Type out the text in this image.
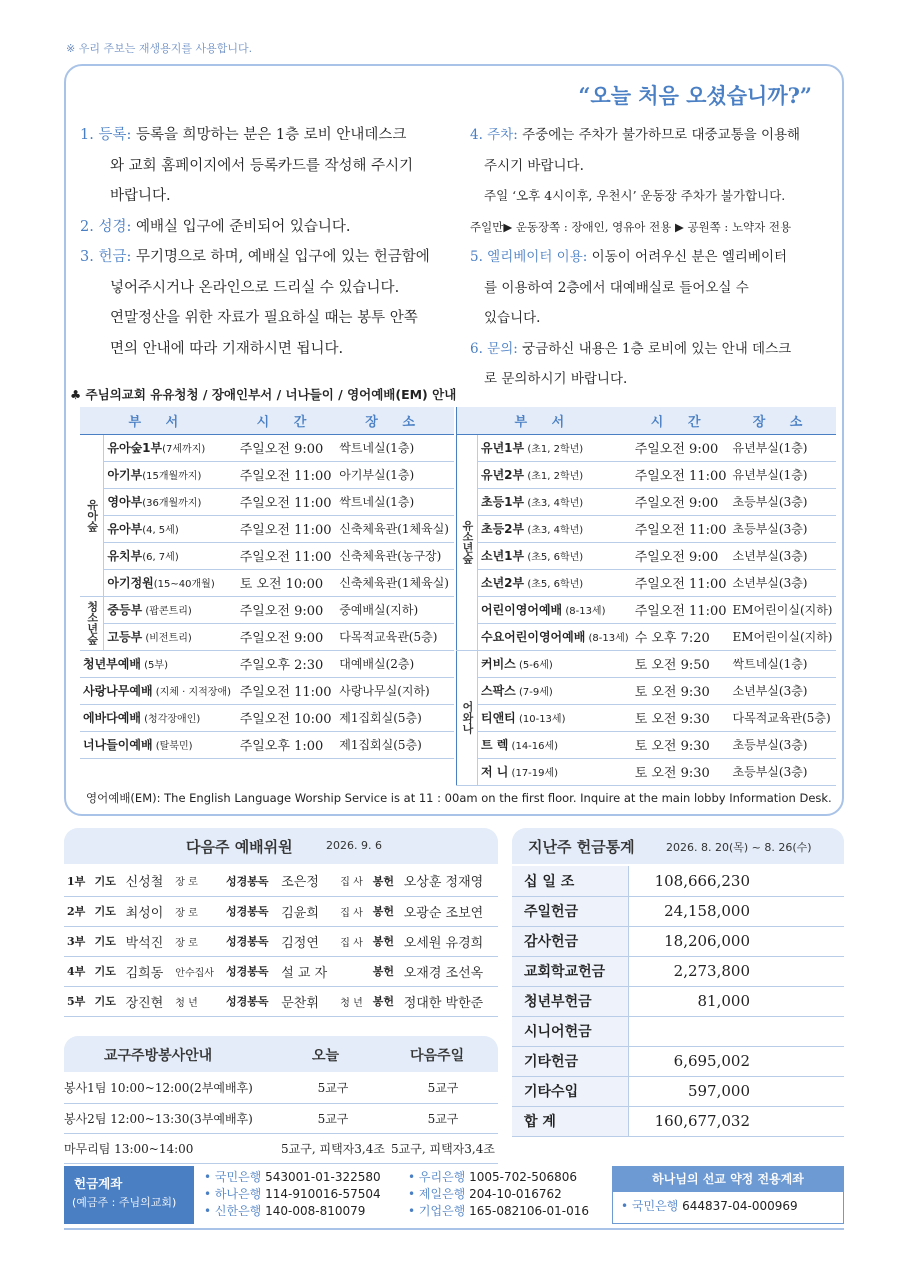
※ 우리 주보는 재생용지를 사용합니다.
“오늘 처음 오셨습니까?”

1. 등록: 등록을 희망하는 분은 1층 로비 안내데스크

와 교회 홈페이지에서 등록카드를 작성해 주시기

바랍니다.

2. 성경: 예배실 입구에 준비되어 있습니다.

3. 헌금: 무기명으로 하며, 예배실 입구에 있는 헌금함에

넣어주시거나 온라인으로 드리실 수 있습니다.

연말정산을 위한 자료가 필요하실 때는 봉투 안쪽

면의 안내에 따라 기재하시면 됩니다.

4. 주차: 주중에는 주차가 불가하므로 대중교통을 이용해

주시기 바랍니다.

주일 ‘오후 4시이후, 우천시’ 운동장 주차가 불가합니다.

주일만▶ 운동장쪽 : 장애인, 영유아 전용 ▶ 공원쪽 : 노약자 전용

5. 엘리베이터 이용: 이동이 어려우신 분은 엘리베이터

를 이용하여 2층에서 대예배실로 들어오실 수

있습니다.

6. 문의: 궁금하신 내용은 1층 로비에 있는 안내 데스크

로 문의하시기 바랍니다.

♣ 주님의교회 유유청청 / 장애인부서 / 너나들이 / 영어예배(EM) 안내
부 서		시 간	장 소
유아숲	유아숲1부(7세까지)	주일오전 9:00	싹트네실(1층)
	아기부(15개월까지)	주일오전 11:00	아기부실(1층)
	영아부(36개월까지)	주일오전 11:00	싹트네실(1층)
	유아부(4, 5세)	주일오전 11:00	신축체육관(1체육실)
	유치부(6, 7세)	주일오전 11:00	신축체육관(농구장)
	아기정원(15~40개월)	토 오전 10:00	신축체육관(1체육실)
청소년숲	중등부 (팝콘트리)	주일오전 9:00	중예배실(지하)
	고등부 (비전트리)	주일오전 9:00	다목적교육관(5층)
청년부예배 (5부)		주일오후 2:30	대예배실(2층)
사랑나무예배 (지체 · 지적장애)		주일오전 11:00	사랑나무실(지하)
에바다예배 (청각장애인)		주일오전 10:00	제1집회실(5층)
너나들이예배 (탈북민)		주일오후 1:00	제1집회실(5층)
부 서		시 간	장 소
유소년숲	유년1부 (초1, 2학년)	주일오전 9:00	유년부실(1층)
	유년2부 (초1, 2학년)	주일오전 11:00	유년부실(1층)
	초등1부 (초3, 4학년)	주일오전 9:00	초등부실(3층)
	초등2부 (초3, 4학년)	주일오전 11:00	초등부실(3층)
	소년1부 (초5, 6학년)	주일오전 9:00	소년부실(3층)
	소년2부 (초5, 6학년)	주일오전 11:00	소년부실(3층)
	어린이영어예배 (8-13세)	주일오전 11:00	EM어린이실(지하)
	수요어린이영어예배 (8-13세)	수 오후 7:20	EM어린이실(지하)
어와나	커비스 (5-6세)	토 오전 9:50	싹트네실(1층)
	스팍스 (7-9세)	토 오전 9:30	소년부실(3층)
	티앤티 (10-13세)	토 오전 9:30	다목적교육관(5층)
	트 렉 (14-16세)	토 오전 9:30	초등부실(3층)
	저 니 (17-19세)	토 오전 9:30	초등부실(3층)
영어예배(EM): The English Language Worship Service is at 11 : 00am on the first floor. Inquire at the main lobby Information Desk.
다음주 예배위원	2026. 9. 6
1부	기도	신성철	장 로	성경봉독	조은정	집 사	봉헌	오상훈 정재영
2부	기도	최성이	장 로	성경봉독	김윤희	집 사	봉헌	오광순 조보연
3부	기도	박석진	장 로	성경봉독	김정연	집 사	봉헌	오세원 유경희
4부	기도	김희동	안수집사	성경봉독	설 교 자		봉헌	오재경 조선옥
5부	기도	장진현	청 년	성경봉독	문찬휘	청 년	봉헌	정대한 박한준
교구주방봉사안내	오늘	다음주일
봉사1팀 10:00~12:00(2부예배후)	5교구	5교구
봉사2팀 12:00~13:30(3부예배후)	5교구	5교구
마무리팀 13:00~14:00	5교구, 피택자3,4조	5교구, 피택자3,4조
지난주 헌금통계	2026. 8. 20(목) ~ 8. 26(수)
십 일 조	108,666,230
주일헌금	24,158,000
감사헌금	18,206,000
교회학교헌금	2,273,800
청년부헌금	81,000
시니어헌금	
기타헌금	6,695,002
기타수입	597,000
합 계	160,677,032
헌금계좌
(예금주 : 주님의교회)
• 국민은행 543001-01-322580
• 하나은행 114-910016-57504
• 신한은행 140-008-810079
• 우리은행 1005-702-506806
• 제일은행 204-10-016762
• 기업은행 165-082106-01-016
하나님의 선교 약정 전용계좌
• 국민은행 644837-04-000969
